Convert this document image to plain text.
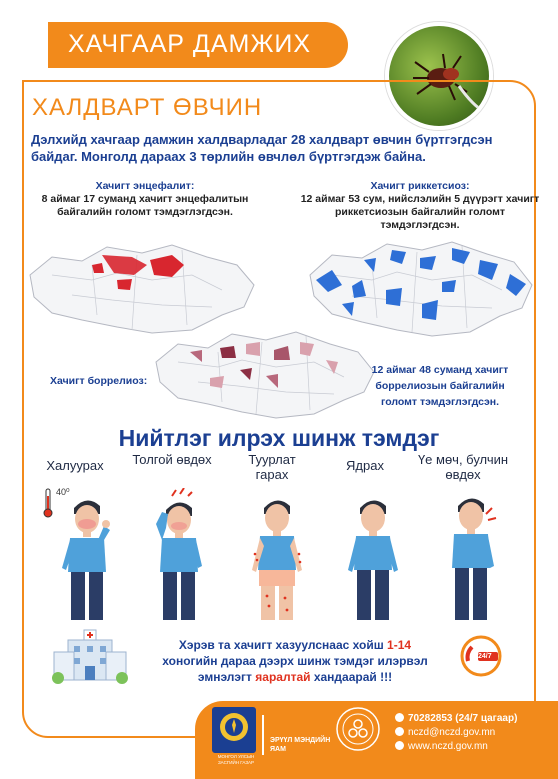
ХАЧГААР ДАМЖИХ
ХАЛДВАРТ ӨВЧИН
Дэлхийд хачгаар дамжин халдварладаг 28 халдварт өвчин бүртгэгдсэн байдаг. Монголд дараах 3 төрлийн өвчлөл бүртгэгдэж байна.
Хачигт энцефалит:
8 аймаг 17 суманд хачигт энцефалитын байгалийн голомт тэмдэглэгдсэн.
Хачигт риккетсиоз:
12 аймаг 53 сум, нийслэлийн 5 дүүрэгт хачигт риккетсиозын байгалийн голомт тэмдэглэгдсэн.
Хачигт боррелиоз:
12 аймаг 48 суманд хачигт боррелиозын байгалийн голомт тэмдэглэгдсэн.
Нийтлэг илрэх шинж тэмдэг
Халуурах	Толгой өвдөх	Туурлат гарах
Ядрах	Үе мөч, булчин өвдөх
40⁰
Хэрэв та хачигт хазуулснаас хойш 1-14 хоногийн дараа дээрх шинж тэмдэг илэрвэл эмнэлэгт яаралтай хандаарай !!!
24/7
МОНГОЛ УЛСЫН ЗАСГИЙН ГАЗАР
ЭРҮҮЛ МЭНДИЙН ЯАМ
70282853 (24/7 цагаар)
nczd@nczd.gov.mn
www.nczd.gov.mn
